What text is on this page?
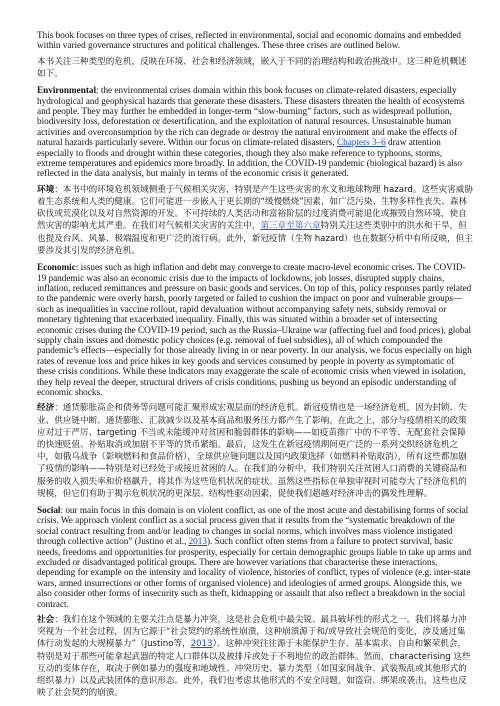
This book focuses on three types of crises, reflected in environmental, social and economic domains and embedded within varied governance structures and political challenges. These three crises are outlined below.

本书关注三种类型的危机，反映在环境、社会和经济领域，嵌入于不同的治理结构和政治挑战中。这三种危机概述如下。

Environmental: the environmental crises domain within this book focuses on climate-related disasters, especially hydrological and geophysical hazards that generate these disasters. These disasters threaten the health of ecosystems and people. They may further be embedded in longer-term “slow-burning” factors, such as widespread pollution, biodiversity loss, deforestation or desertification, and the exploitation of natural resources. Unsustainable human activities and overconsumption by the rich can degrade or destroy the natural environment and make the effects of natural hazards particularly severe. Within our focus on climate-related disasters, Chapters 3–6 draw attention especially to floods and drought within these categories, though they also make reference to typhoons, storms, extreme temperatures and epidemics more broadly. In addition, the COVID-19 pandemic (biological hazard) is also reflected in the data analysis, but mainly in terms of the economic crisis it generated.

环境：本书中的环境危机领域侧重于气候相关灾害，特别是产生这些灾害的水文和地球物理 hazard。这些灾害威胁着生态系统和人类的健康。它们可能进一步嵌入于更长期的“缓慢燃烧”因素，如广泛污染、生物多样性丧失、森林砍伐或荒漠化以及对自然资源的开发。不可持续的人类活动和富裕阶层的过度消费可能退化或摧毁自然环境，使自然灾害的影响尤其严重。在我们对气候相关灾害的关注中，第三章至第六章特别关注这些类别中的洪水和干旱，但也提及台风、风暴、极端温度和更广泛的流行病。此外，新冠疫情（生物 hazard）也在数据分析中有所反映，但主要涉及其引发的经济危机。

Economic: issues such as high inflation and debt may converge to create macro-level economic crises. The COVID-19 pandemic was also an economic crisis due to the impacts of lockdowns, job losses, disrupted supply chains, inflation, reduced remittances and pressure on basic goods and services. On top of this, policy responses partly related to the pandemic were overly harsh, poorly targeted or failed to cushion the impact on poor and vulnerable groups—such as inequalities in vaccine rollout, rapid devaluation without accompanying safety nets, subsidy removal or monetary tightening that exacerbated inequality. Finally, this was situated within a broader set of intersecting economic crises during the COVID-19 period, such as the Russia–Ukraine war (affecting fuel and food prices), global supply chain issues and domestic policy choices (e.g. removal of fuel subsidies), all of which compounded the pandemic’s effects—especially for those already living in or near poverty. In our analysis, we focus especially on high rates of revenue loss and price hikes in key goods and services consumed by people in poverty as symptomatic of these crisis conditions. While these indicators may exaggerate the scale of economic crisis when viewed in isolation, they help reveal the deeper, structural drivers of crisis conditions, pushing us beyond an episodic understanding of economic shocks.

经济：通货膨胀高企和债务等问题可能汇聚形成宏观层面的经济危机。新冠疫情也是一场经济危机，因为封锁、失业、供应链中断、通货膨胀、汇款减少以及基本商品和服务压力都产生了影响。在此之上，部分与疫情相关的政策应对过于严厉、targeting 不当或未能缓冲对贫困和脆弱群体的影响——如疫苗推广中的不平等、无配套社会保障的快速贬值、补贴取消或加剧不平等的货币紧缩。最后，这发生在新冠疫情期间更广泛的一系列交织经济危机之中，如俄乌战争（影响燃料和食品价格），全球供应链问题以及国内政策选择（如燃料补贴取消），所有这些都加剧了疫情的影响——特别是对已经处于或接近贫困的人。在我们的分析中，我们特别关注贫困人口消费的关键商品和服务的收入损失率和价格飙升，将其作为这些危机状况的症状。虽然这些指标在单独审视时可能夸大了经济危机的规模，但它们有助于揭示危机状况的更深层、结构性驱动因素，促使我们超越对经济冲击的偶发性理解。

Social: our main focus in this domain is on violent conflict, as one of the most acute and destabilising forms of social crisis. We approach violent conflict as a social process given that it results from the “systematic breakdown of the social contract resulting from and/or leading to changes in social norms, which involves mass violence instigated through collective action” (Justino et al., 2013). Such conflict often stems from a failure to protect survival, basic needs, freedoms and opportunities for prosperity, especially for certain demographic groups liable to take up arms and excluded or disadvantaged political groups. There are however variations that characterise these interactions, depending for example on the intensity and locality of violence, histories of conflict, types of violence (e.g. inter-state wars, armed insurrections or other forms of organised violence) and ideologies of armed groups. Alongside this, we also consider other forms of insecurity such as theft, kidnapping or assault that also reflect a breakdown in the social contract.

社会：我们在这个领域的主要关注点是暴力冲突，这是社会危机中最尖锐、最具破坏性的形式之一。我们将暴力冲突视为一个社会过程，因为它源于“社会契约的系统性崩溃，这种崩溃源于和/或导致社会规范的变化，涉及通过集体行动发起的大规模暴力”（Justino等，2013）。这种冲突往往源于未能保护生存、基本需求、自由和繁荣机会，特别是对于那些可能拿起武器的特定人口群体以及被排斥或处于不利地位的政治群体。然而，characterising 这些互动的变体存在，取决于例如暴力的强度和地域性、冲突历史、暴力类型（如国家间战争、武装叛乱或其他形式的组织暴力）以及武装团体的意识形态。此外，我们也考虑其他形式的不安全问题，如盗窃、绑架或袭击，这些也反映了社会契约的崩溃。
